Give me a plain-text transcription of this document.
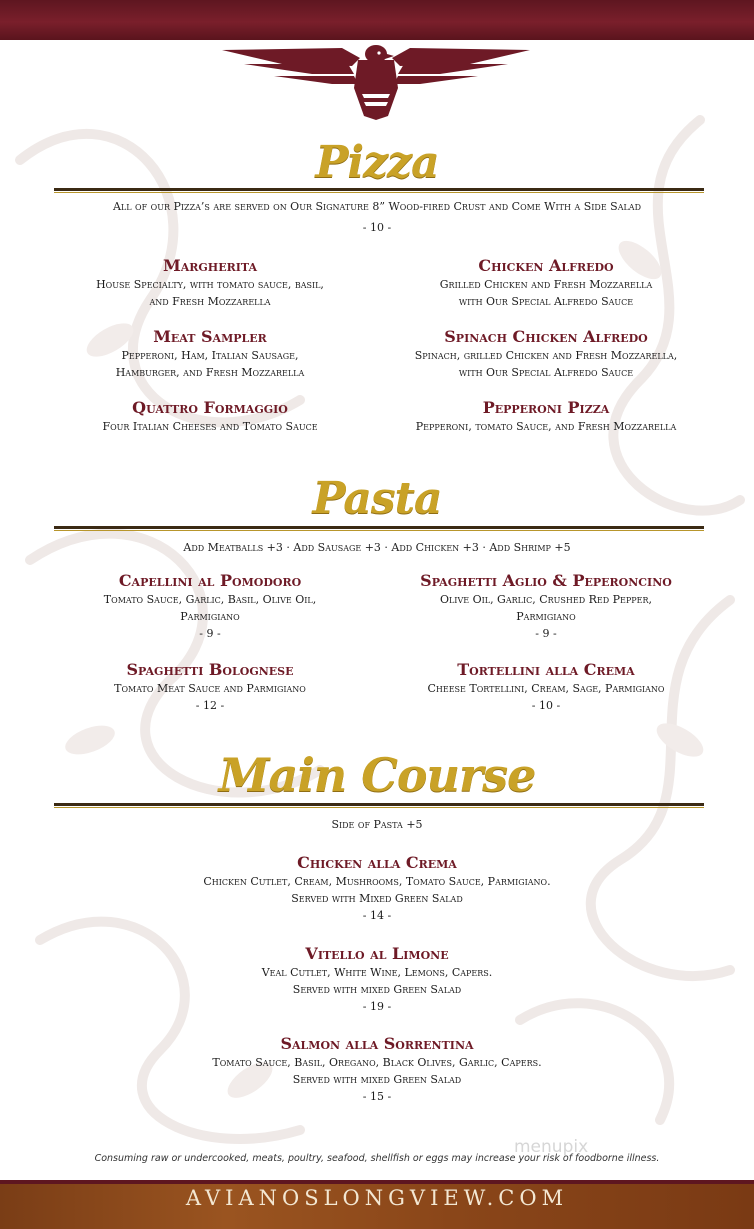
Pizza
All of our Pizza’s are served on Our Signature 8” Wood-fired Crust and Come With a Side Salad
- 10 -
Margherita
House Specialty, with tomato sauce, basil,
and Fresh Mozzarella
Chicken Alfredo
Grilled Chicken and Fresh Mozzarella
with Our Special Alfredo Sauce
Meat Sampler
Pepperoni, Ham, Italian Sausage,
Hamburger, and Fresh Mozzarella
Spinach Chicken Alfredo
Spinach, grilled Chicken and Fresh Mozzarella,
with Our Special Alfredo Sauce
Quattro Formaggio
Four Italian Cheeses and Tomato Sauce
Pepperoni Pizza
Pepperoni, tomato Sauce, and Fresh Mozzarella
Pasta
Add Meatballs +3 · Add Sausage +3 · Add Chicken +3 · Add Shrimp +5
Capellini al Pomodoro
Tomato Sauce, Garlic, Basil, Olive Oil,
Parmigiano
- 9 -
Spaghetti Aglio & Peperoncino
Olive Oil, Garlic, Crushed Red Pepper,
Parmigiano
- 9 -
Spaghetti Bolognese
Tomato Meat Sauce and Parmigiano
- 12 -
Tortellini alla Crema
Cheese Tortellini, Cream, Sage, Parmigiano
- 10 -
Main Course
Side of Pasta +5
Chicken alla Crema
Chicken Cutlet, Cream, Mushrooms, Tomato Sauce, Parmigiano.
Served with Mixed Green Salad
- 14 -
Vitello al Limone
Veal Cutlet, White Wine, Lemons, Capers.
Served with mixed Green Salad
- 19 -
Salmon alla Sorrentina
Tomato Sauce, Basil, Oregano, Black Olives, Garlic, Capers.
Served with mixed Green Salad
- 15 -
menupix
Consuming raw or undercooked, meats, poultry, seafood, shellfish or eggs may increase your risk of foodborne illness.
AVIANOSLONGVIEW.COM
